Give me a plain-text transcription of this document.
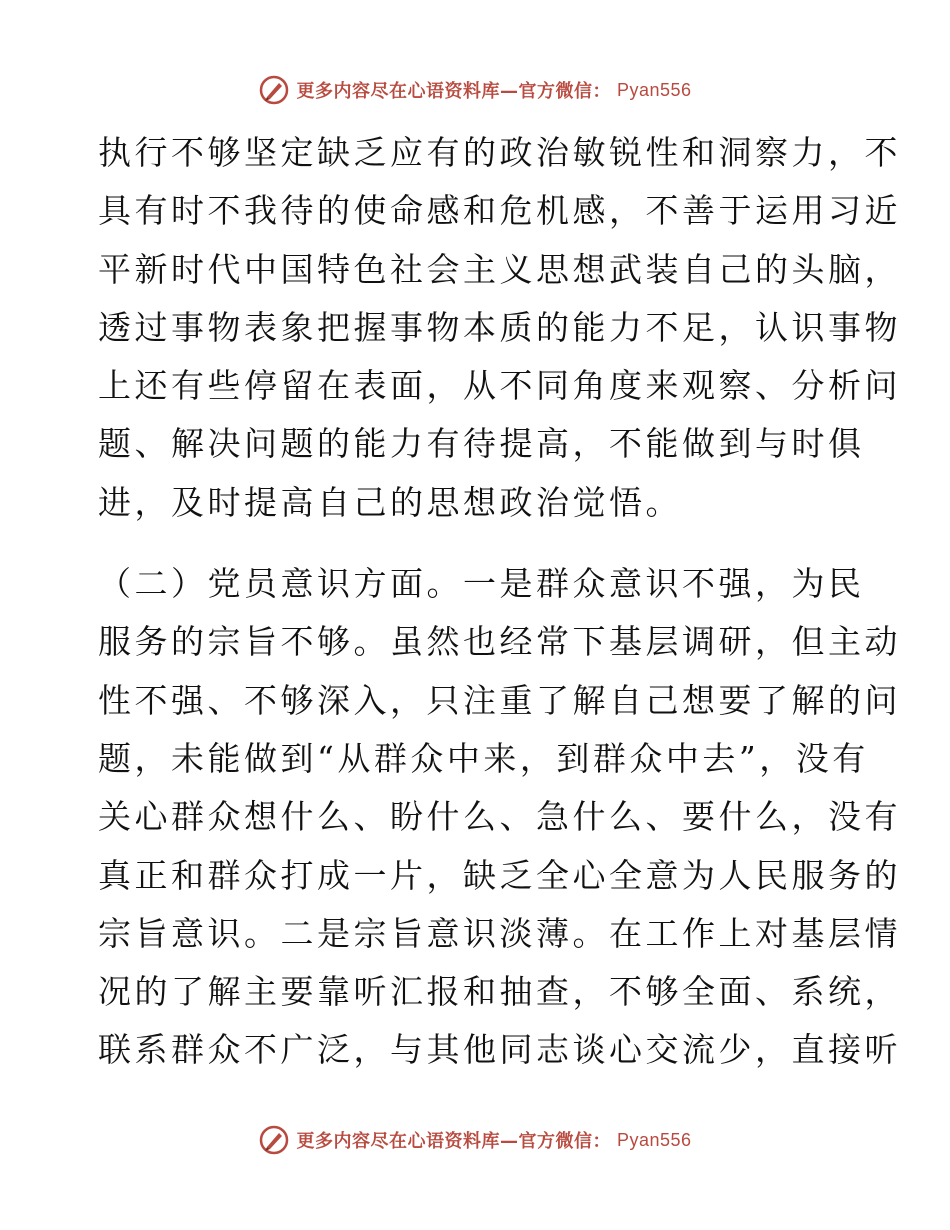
更多内容尽在心语资料库—官方微信： Pyan556

执行不够坚定缺乏应有的政治敏锐性和洞察力，不

具有时不我待的使命感和危机感，不善于运用习近

平新时代中国特色社会主义思想武装自己的头脑，

透过事物表象把握事物本质的能力不足，认识事物

上还有些停留在表面，从不同角度来观察、分析问

题、解决问题的能力有待提高，不能做到与时俱

进，及时提高自己的思想政治觉悟。

（二）党员意识方面。一是群众意识不强，为民

服务的宗旨不够。虽然也经常下基层调研，但主动

性不强、不够深入，只注重了解自己想要了解的问

题，未能做到“从群众中来，到群众中去”，没有

关心群众想什么、盼什么、急什么、要什么，没有

真正和群众打成一片，缺乏全心全意为人民服务的

宗旨意识。二是宗旨意识淡薄。在工作上对基层情

况的了解主要靠听汇报和抽查，不够全面、系统，

联系群众不广泛，与其他同志谈心交流少，直接听

更多内容尽在心语资料库—官方微信： Pyan556
